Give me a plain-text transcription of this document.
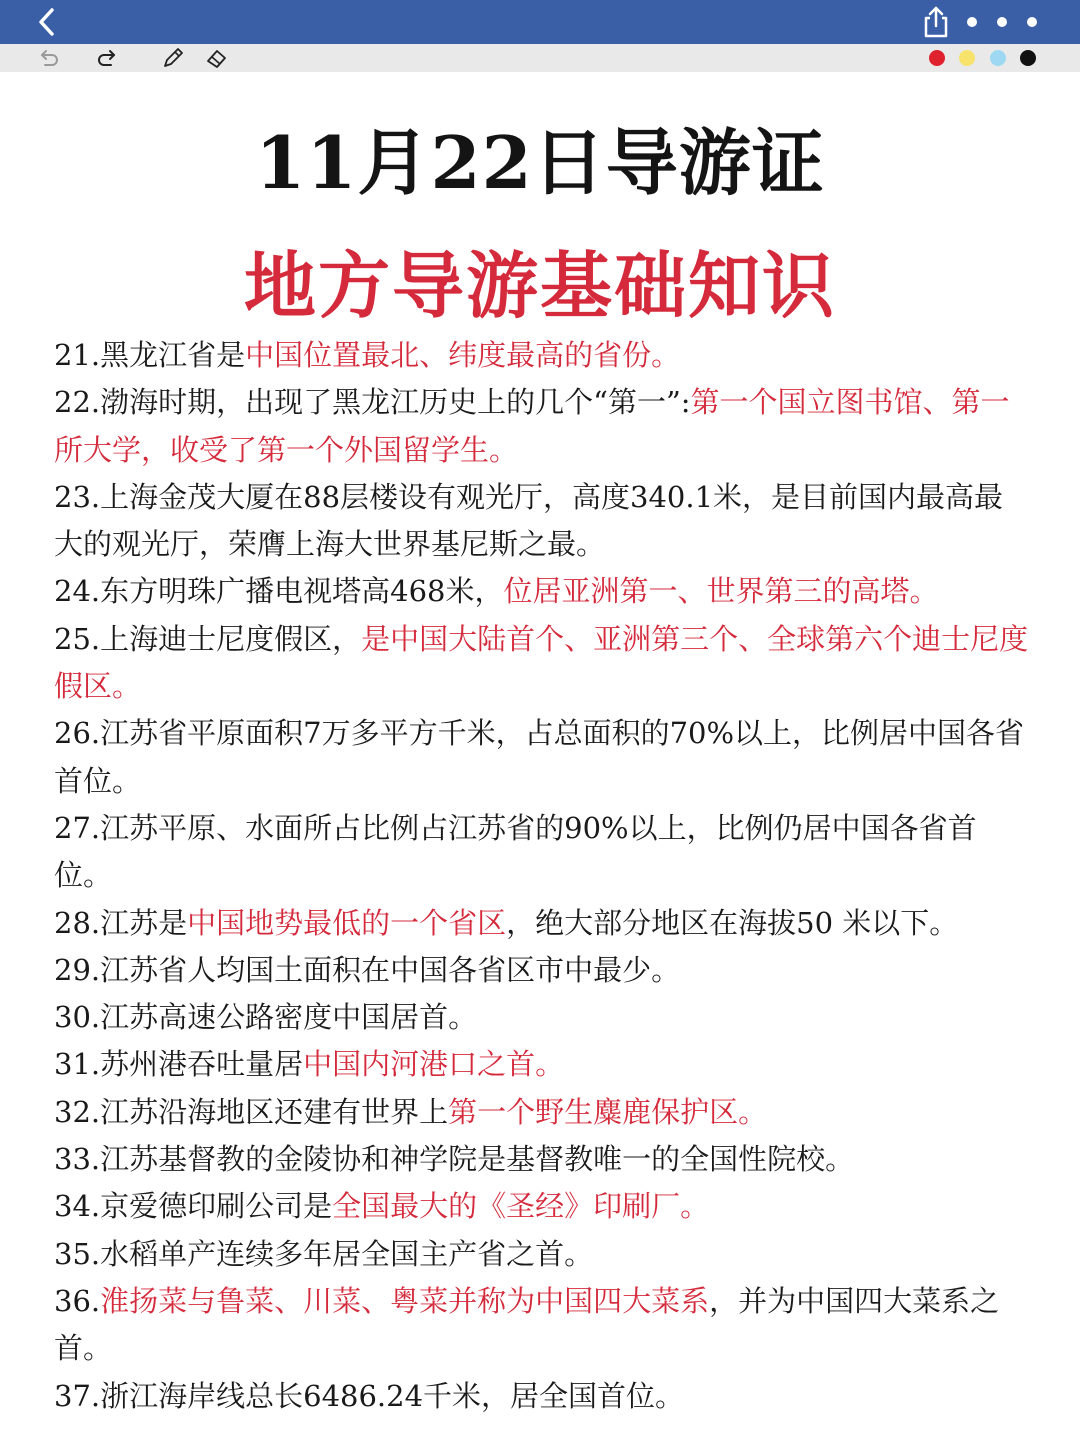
11月22日导游证
地方导游基础知识

21.黑龙江省是中国位置最北、纬度最高的省份。

22.渤海时期，出现了黑龙江历史上的几个“第一”:第一个国立图书馆、第一所大学，收受了第一个外国留学生。

23.上海金茂大厦在88层楼设有观光厅，高度340.1米，是目前国内最高最大的观光厅，荣膺上海大世界基尼斯之最。

24.东方明珠广播电视塔高468米，位居亚洲第一、世界第三的高塔。

25.上海迪士尼度假区，是中国大陆首个、亚洲第三个、全球第六个迪士尼度假区。

26.江苏省平原面积7万多平方千米，占总面积的70%以上，比例居中国各省首位。

27.江苏平原、水面所占比例占江苏省的90%以上，比例仍居中国各省首位。

28.江苏是中国地势最低的一个省区，绝大部分地区在海拔50 米以下。

29.江苏省人均国土面积在中国各省区市中最少。

30.江苏高速公路密度中国居首。

31.苏州港吞吐量居中国内河港口之首。

32.江苏沿海地区还建有世界上第一个野生麋鹿保护区。

33.江苏基督教的金陵协和神学院是基督教唯一的全国性院校。

34.京爱德印刷公司是全国最大的《圣经》印刷厂。

35.水稻单产连续多年居全国主产省之首。

36.淮扬菜与鲁菜、川菜、粤菜并称为中国四大菜系，并为中国四大菜系之首。

37.浙江海岸线总长6486.24千米，居全国首位。
